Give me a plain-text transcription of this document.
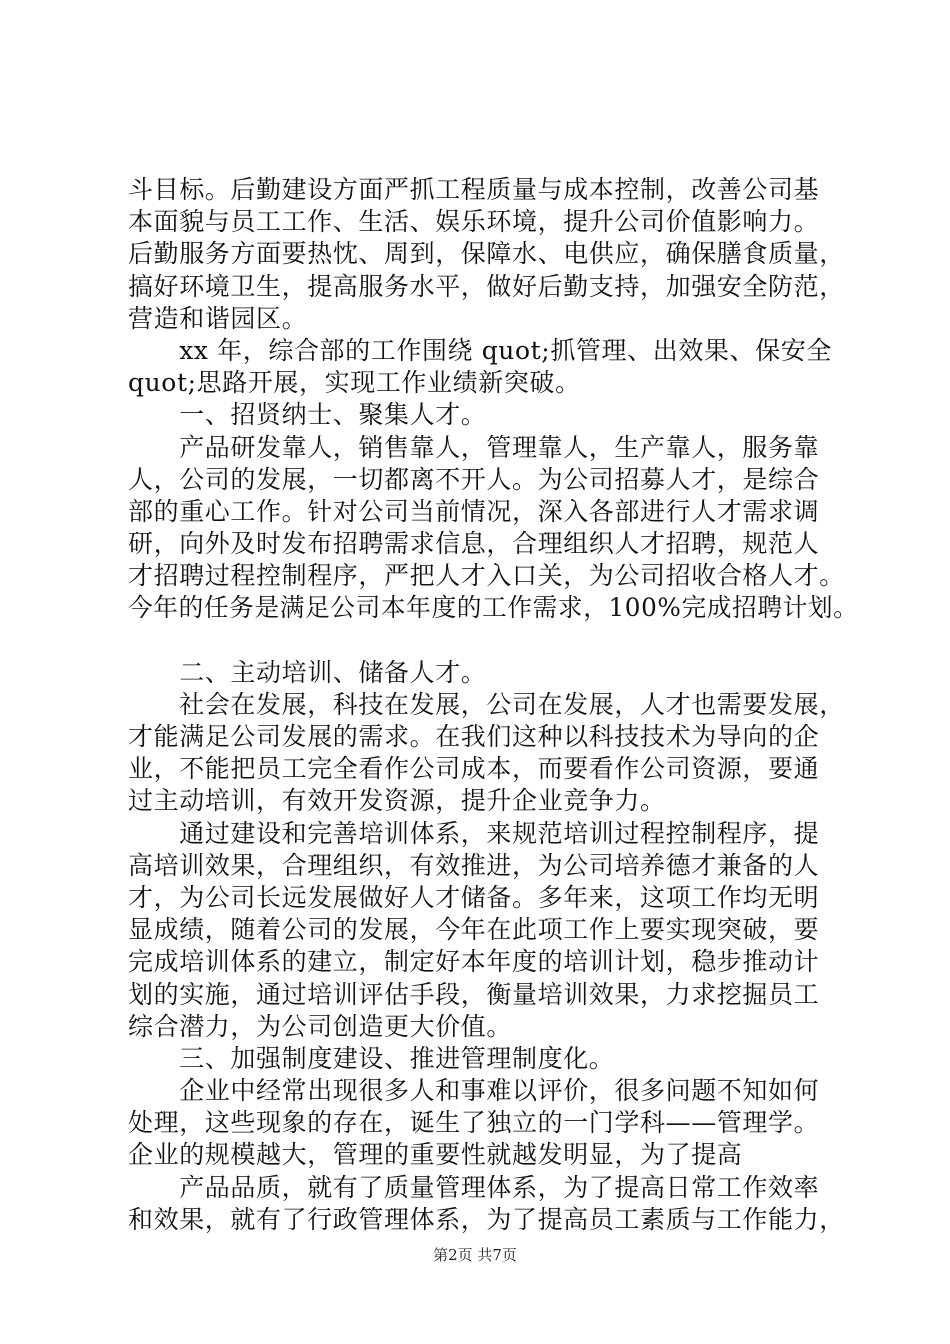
斗目标。后勤建设方面严抓工程质量与成本控制，改善公司基
本面貌与员工工作、生活、娱乐环境，提升公司价值影响力。
后勤服务方面要热忱、周到，保障水、电供应，确保膳食质量，
搞好环境卫生，提高服务水平，做好后勤支持，加强安全防范，
营造和谐园区。
　　xx 年，综合部的工作围绕 quot;抓管理、出效果、保安全
quot;思路开展，实现工作业绩新突破。
　　一、招贤纳士、聚集人才。
　　产品研发靠人，销售靠人，管理靠人，生产靠人，服务靠
人，公司的发展，一切都离不开人。为公司招募人才，是综合
部的重心工作。针对公司当前情况，深入各部进行人才需求调
研，向外及时发布招聘需求信息，合理组织人才招聘，规范人
才招聘过程控制程序，严把人才入口关，为公司招收合格人才。
今年的任务是满足公司本年度的工作需求，100%完成招聘计划。
　　二、主动培训、储备人才。
　　社会在发展，科技在发展，公司在发展，人才也需要发展，
才能满足公司发展的需求。在我们这种以科技技术为导向的企
业，不能把员工完全看作公司成本，而要看作公司资源，要通
过主动培训，有效开发资源，提升企业竞争力。
　　通过建设和完善培训体系，来规范培训过程控制程序，提
高培训效果，合理组织，有效推进，为公司培养德才兼备的人
才，为公司长远发展做好人才储备。多年来，这项工作均无明
显成绩，随着公司的发展，今年在此项工作上要实现突破，要
完成培训体系的建立，制定好本年度的培训计划，稳步推动计
划的实施，通过培训评估手段，衡量培训效果，力求挖掘员工
综合潜力，为公司创造更大价值。
　　三、加强制度建设、推进管理制度化。
　　企业中经常出现很多人和事难以评价，很多问题不知如何
处理，这些现象的存在，诞生了独立的一门学科——管理学。
企业的规模越大，管理的重要性就越发明显，为了提高
　　产品品质，就有了质量管理体系，为了提高日常工作效率
和效果，就有了行政管理体系，为了提高员工素质与工作能力，
第2页 共7页
